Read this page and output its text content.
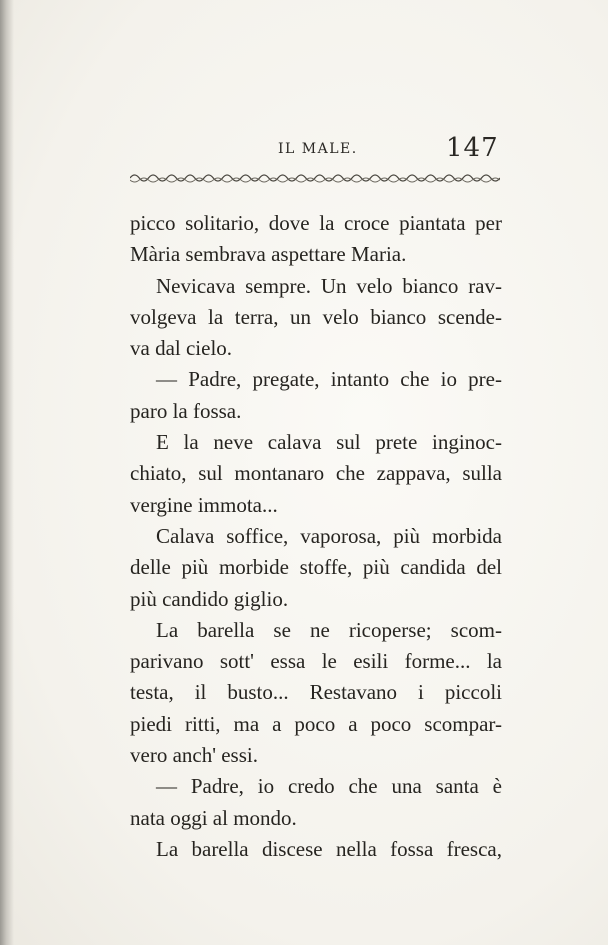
IL MALE.	147
picco solitario, dove la croce piantata per
Mària sembrava aspettare Maria.
Nevicava sempre. Un velo bianco rav-
volgeva la terra, un velo bianco scende-
va dal cielo.
— Padre, pregate, intanto che io pre-
paro la fossa.
E la neve calava sul prete inginoc-
chiato, sul montanaro che zappava, sulla
vergine immota...
Calava soffice, vaporosa, più morbida
delle più morbide stoffe, più candida del
più candido giglio.
La barella se ne ricoperse; scom-
parivano sott' essa le esili forme... la
testa, il busto... Restavano i piccoli
piedi ritti, ma a poco a poco scompar-
vero anch' essi.
— Padre, io credo che una santa è
nata oggi al mondo.
La barella discese nella fossa fresca,
